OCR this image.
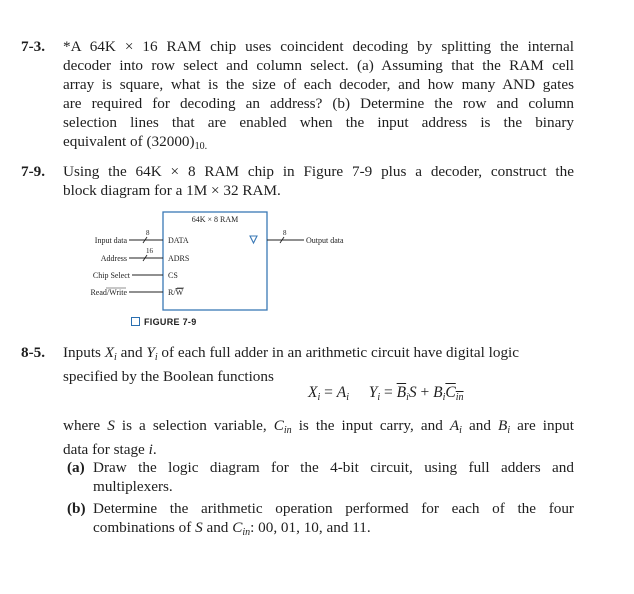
7-3. *A 64K × 16 RAM chip uses coincident decoding by splitting the internal
decoder into row select and column select. (a) Assuming that the RAM cell
array is square, what is the size of each decoder, and how many AND gates
are required for decoding an address? (b) Determine the row and column
selection lines that are enabled when the input address is the binary
equivalent of $(32000)_{10.}$
7-9. Using the 64K × 8 RAM chip in Figure 7-9 plus a decoder, construct the
block diagram for a 1M × 32 RAM.
64K × 8 RAM
DATA
ADRS
CS
R/W
Input data
8
Address
16
Chip Select
Read/Write
8
Output data
FIGURE 7-9
8-5. Inputs $X_i$ and $Y_i$ of each full adder in an arithmetic circuit have digital logic
specified by the Boolean functions
$X_i = A_i$ $Y_i = \overline{B}_iS + B_i\overline{C}_{\overline{in}}$
where S is a selection variable, $C_{in}$ is the input carry, and $A_i$ and $B_i$ are input
data for stage i.
(a) Draw the logic diagram for the 4-bit circuit, using full adders and
multiplexers.
(b) Determine the arithmetic operation performed for each of the four
combinations of S and $C_{in}$: 00, 01, 10, and 11.
